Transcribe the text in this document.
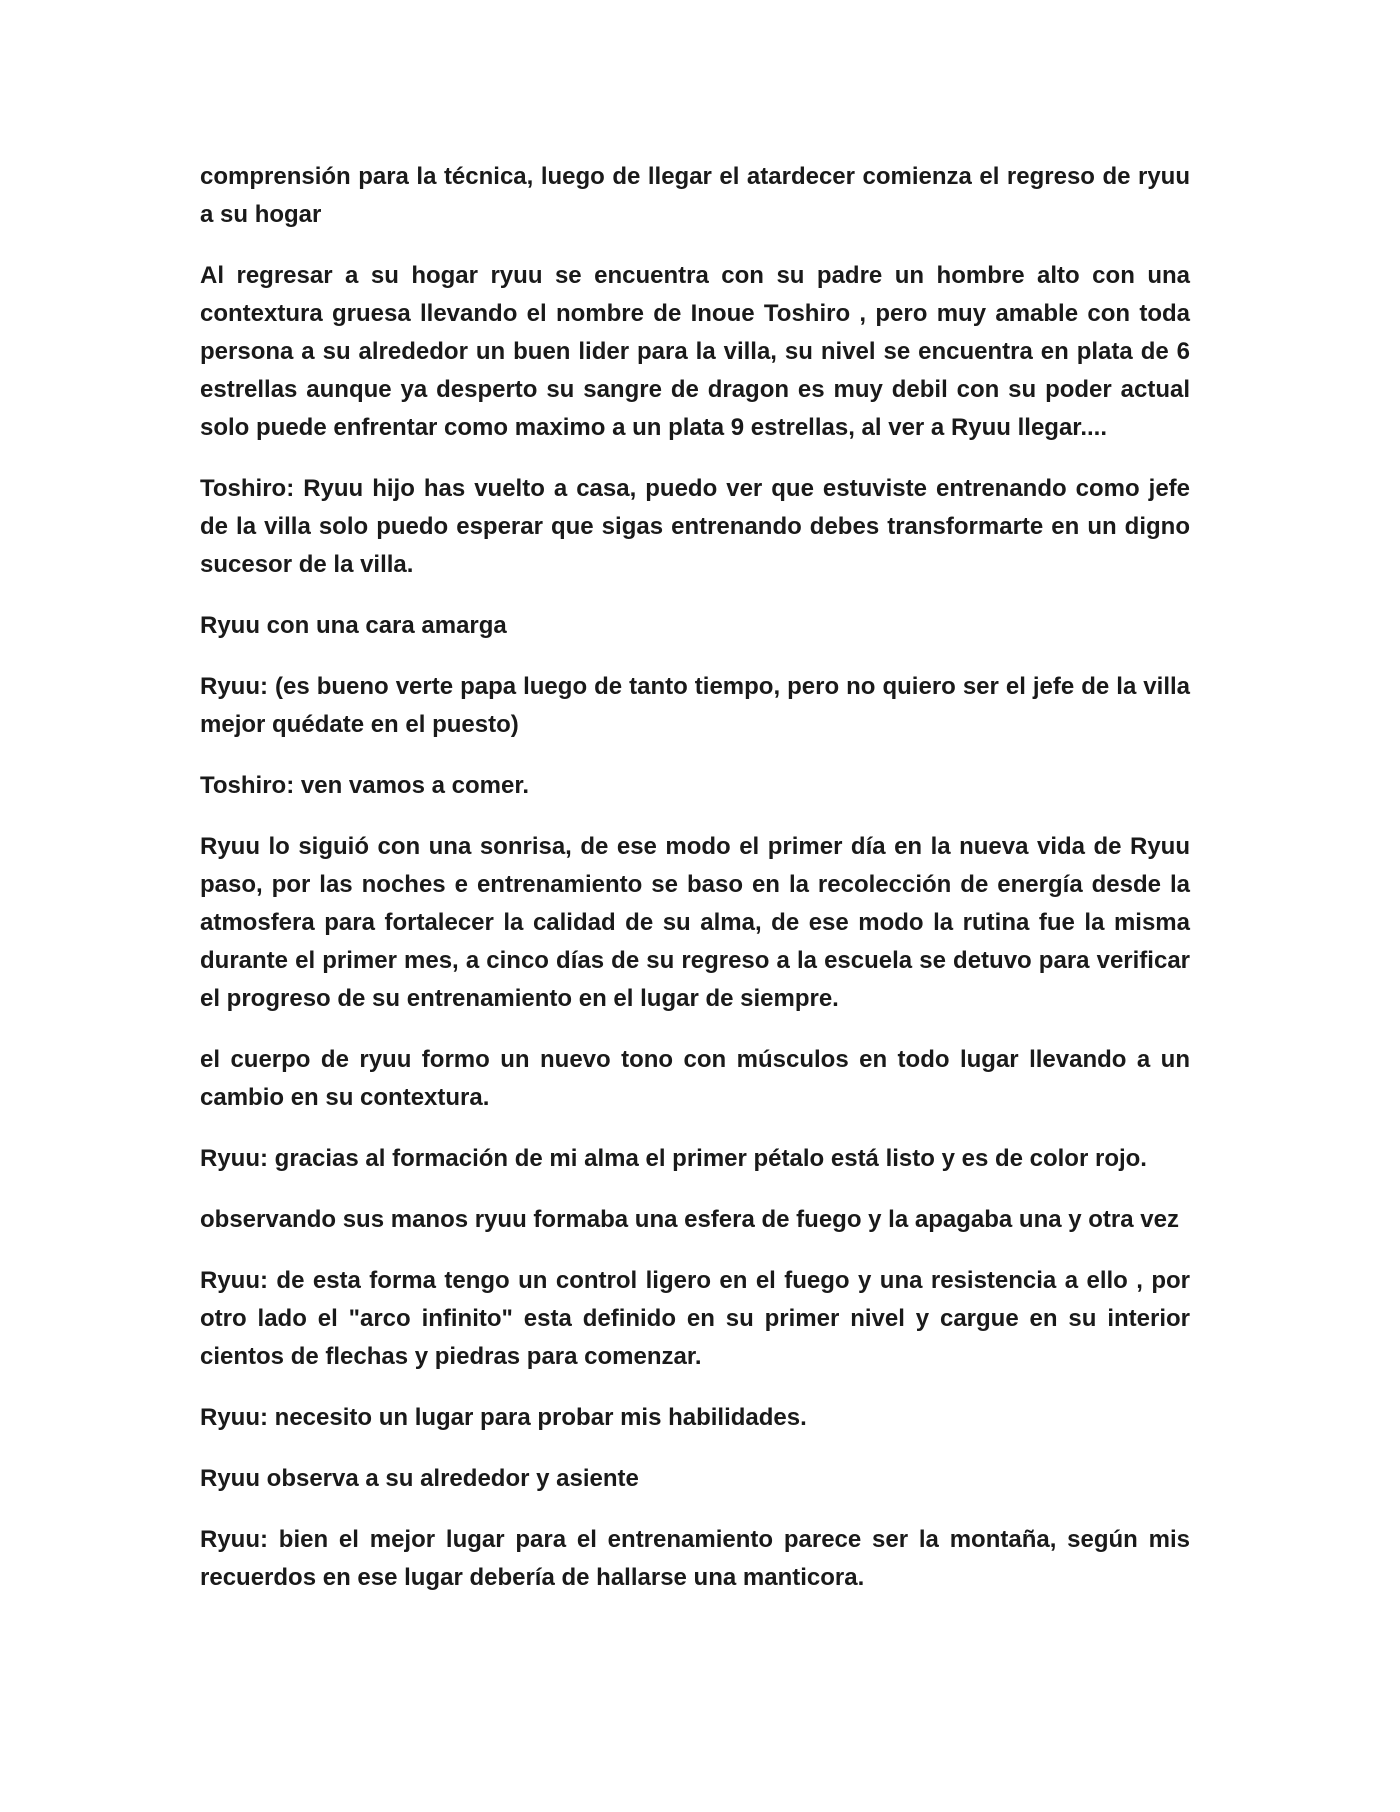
comprensión para la técnica, luego de llegar el atardecer comienza el regreso de ryuu a su hogar

Al regresar a su hogar ryuu se encuentra con su padre un hombre alto con una contextura gruesa llevando el nombre de Inoue Toshiro , pero muy amable con toda persona a su alrededor un buen lider para la villa, su nivel se encuentra en plata de 6 estrellas aunque ya desperto su sangre de dragon es muy debil con su poder actual solo puede enfrentar como maximo a un plata 9 estrellas, al ver a Ryuu llegar....

Toshiro: Ryuu hijo has vuelto a casa, puedo ver que estuviste entrenando como jefe de la villa solo puedo esperar que sigas entrenando debes transformarte en un digno sucesor de la villa.

Ryuu con una cara amarga

Ryuu: (es bueno verte papa luego de tanto tiempo, pero no quiero ser el jefe de la villa mejor quédate en el puesto)

Toshiro: ven vamos a comer.

Ryuu lo siguió con una sonrisa, de ese modo el primer día en la nueva vida de Ryuu paso, por las noches e entrenamiento se baso en la recolección de energía desde la atmosfera para fortalecer la calidad de su alma, de ese modo la rutina fue la misma durante el primer mes, a cinco días de su regreso a la escuela se detuvo para verificar el progreso de su entrenamiento en el lugar de siempre.

el cuerpo de ryuu formo un nuevo tono con músculos en todo lugar llevando a un cambio en su contextura.

Ryuu: gracias al formación de mi alma el primer pétalo está listo y es de color rojo.

observando sus manos ryuu formaba una esfera de fuego y la apagaba una y otra vez

Ryuu: de esta forma tengo un control ligero en el fuego y una resistencia a ello , por otro lado el "arco infinito" esta definido en su primer nivel y cargue en su interior cientos de flechas y piedras para comenzar.

Ryuu: necesito un lugar para probar mis habilidades.

Ryuu observa a su alrededor y asiente

Ryuu: bien el mejor lugar para el entrenamiento parece ser la montaña, según mis recuerdos en ese lugar debería de hallarse una manticora.
